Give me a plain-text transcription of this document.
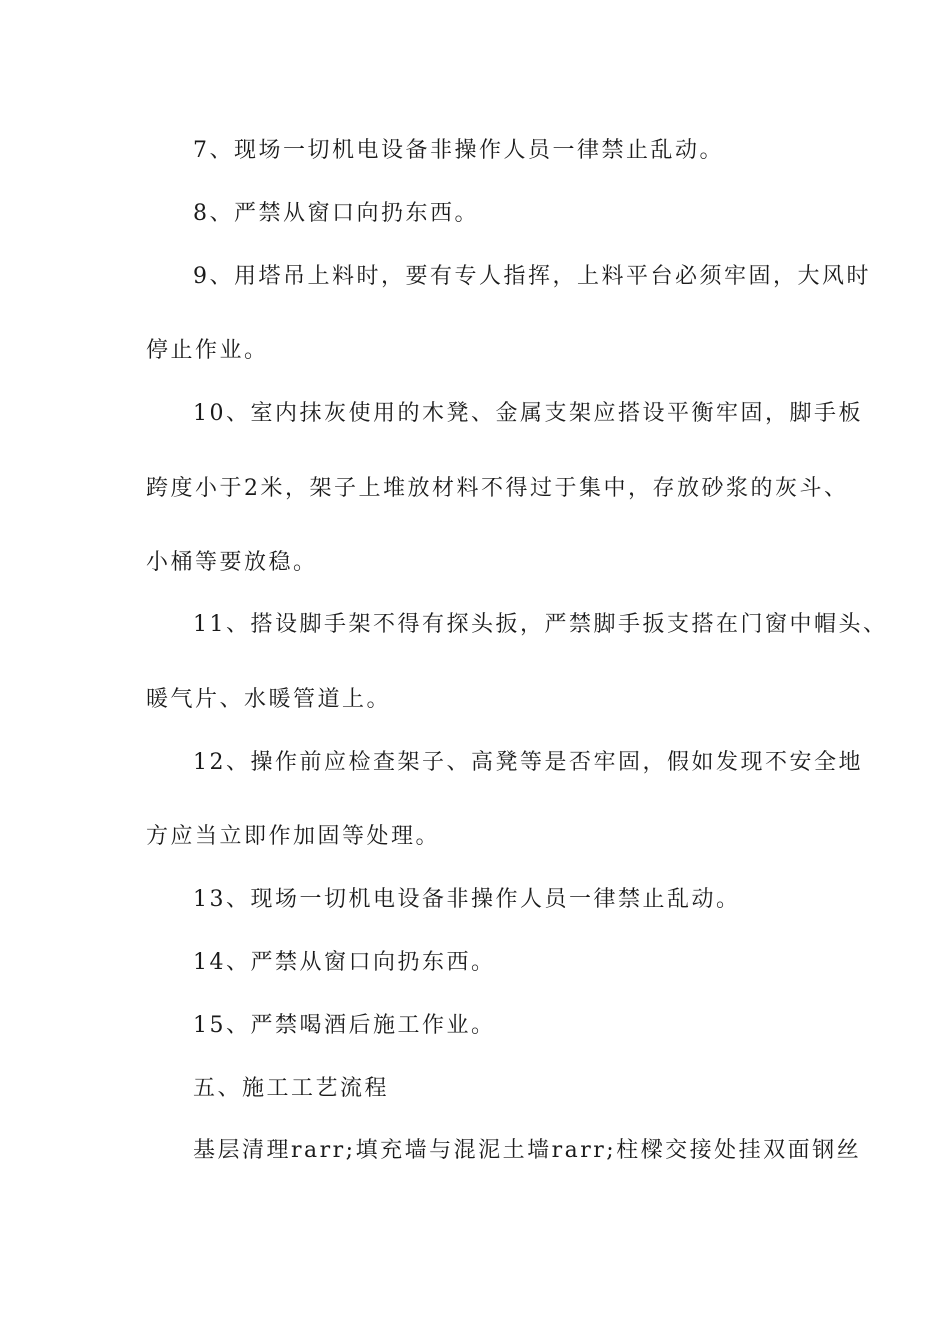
7、现场一切机电设备非操作人员一律禁止乱动。
8、严禁从窗口向扔东西。
9、用塔吊上料时，要有专人指挥，上料平台必须牢固，大风时
停止作业。
10、室内抹灰使用的木凳、金属支架应搭设平衡牢固，脚手板
跨度小于2米，架子上堆放材料不得过于集中，存放砂浆的灰斗、
小桶等要放稳。
11、搭设脚手架不得有探头扳，严禁脚手扳支搭在门窗中帽头、
暖气片、水暖管道上。
12、操作前应检查架子、高凳等是否牢固，假如发现不安全地
方应当立即作加固等处理。
13、现场一切机电设备非操作人员一律禁止乱动。
14、严禁从窗口向扔东西。
15、严禁喝酒后施工作业。
五、施工工艺流程
基层清理rarr;填充墙与混泥土墙rarr;柱樑交接处挂双面钢丝
